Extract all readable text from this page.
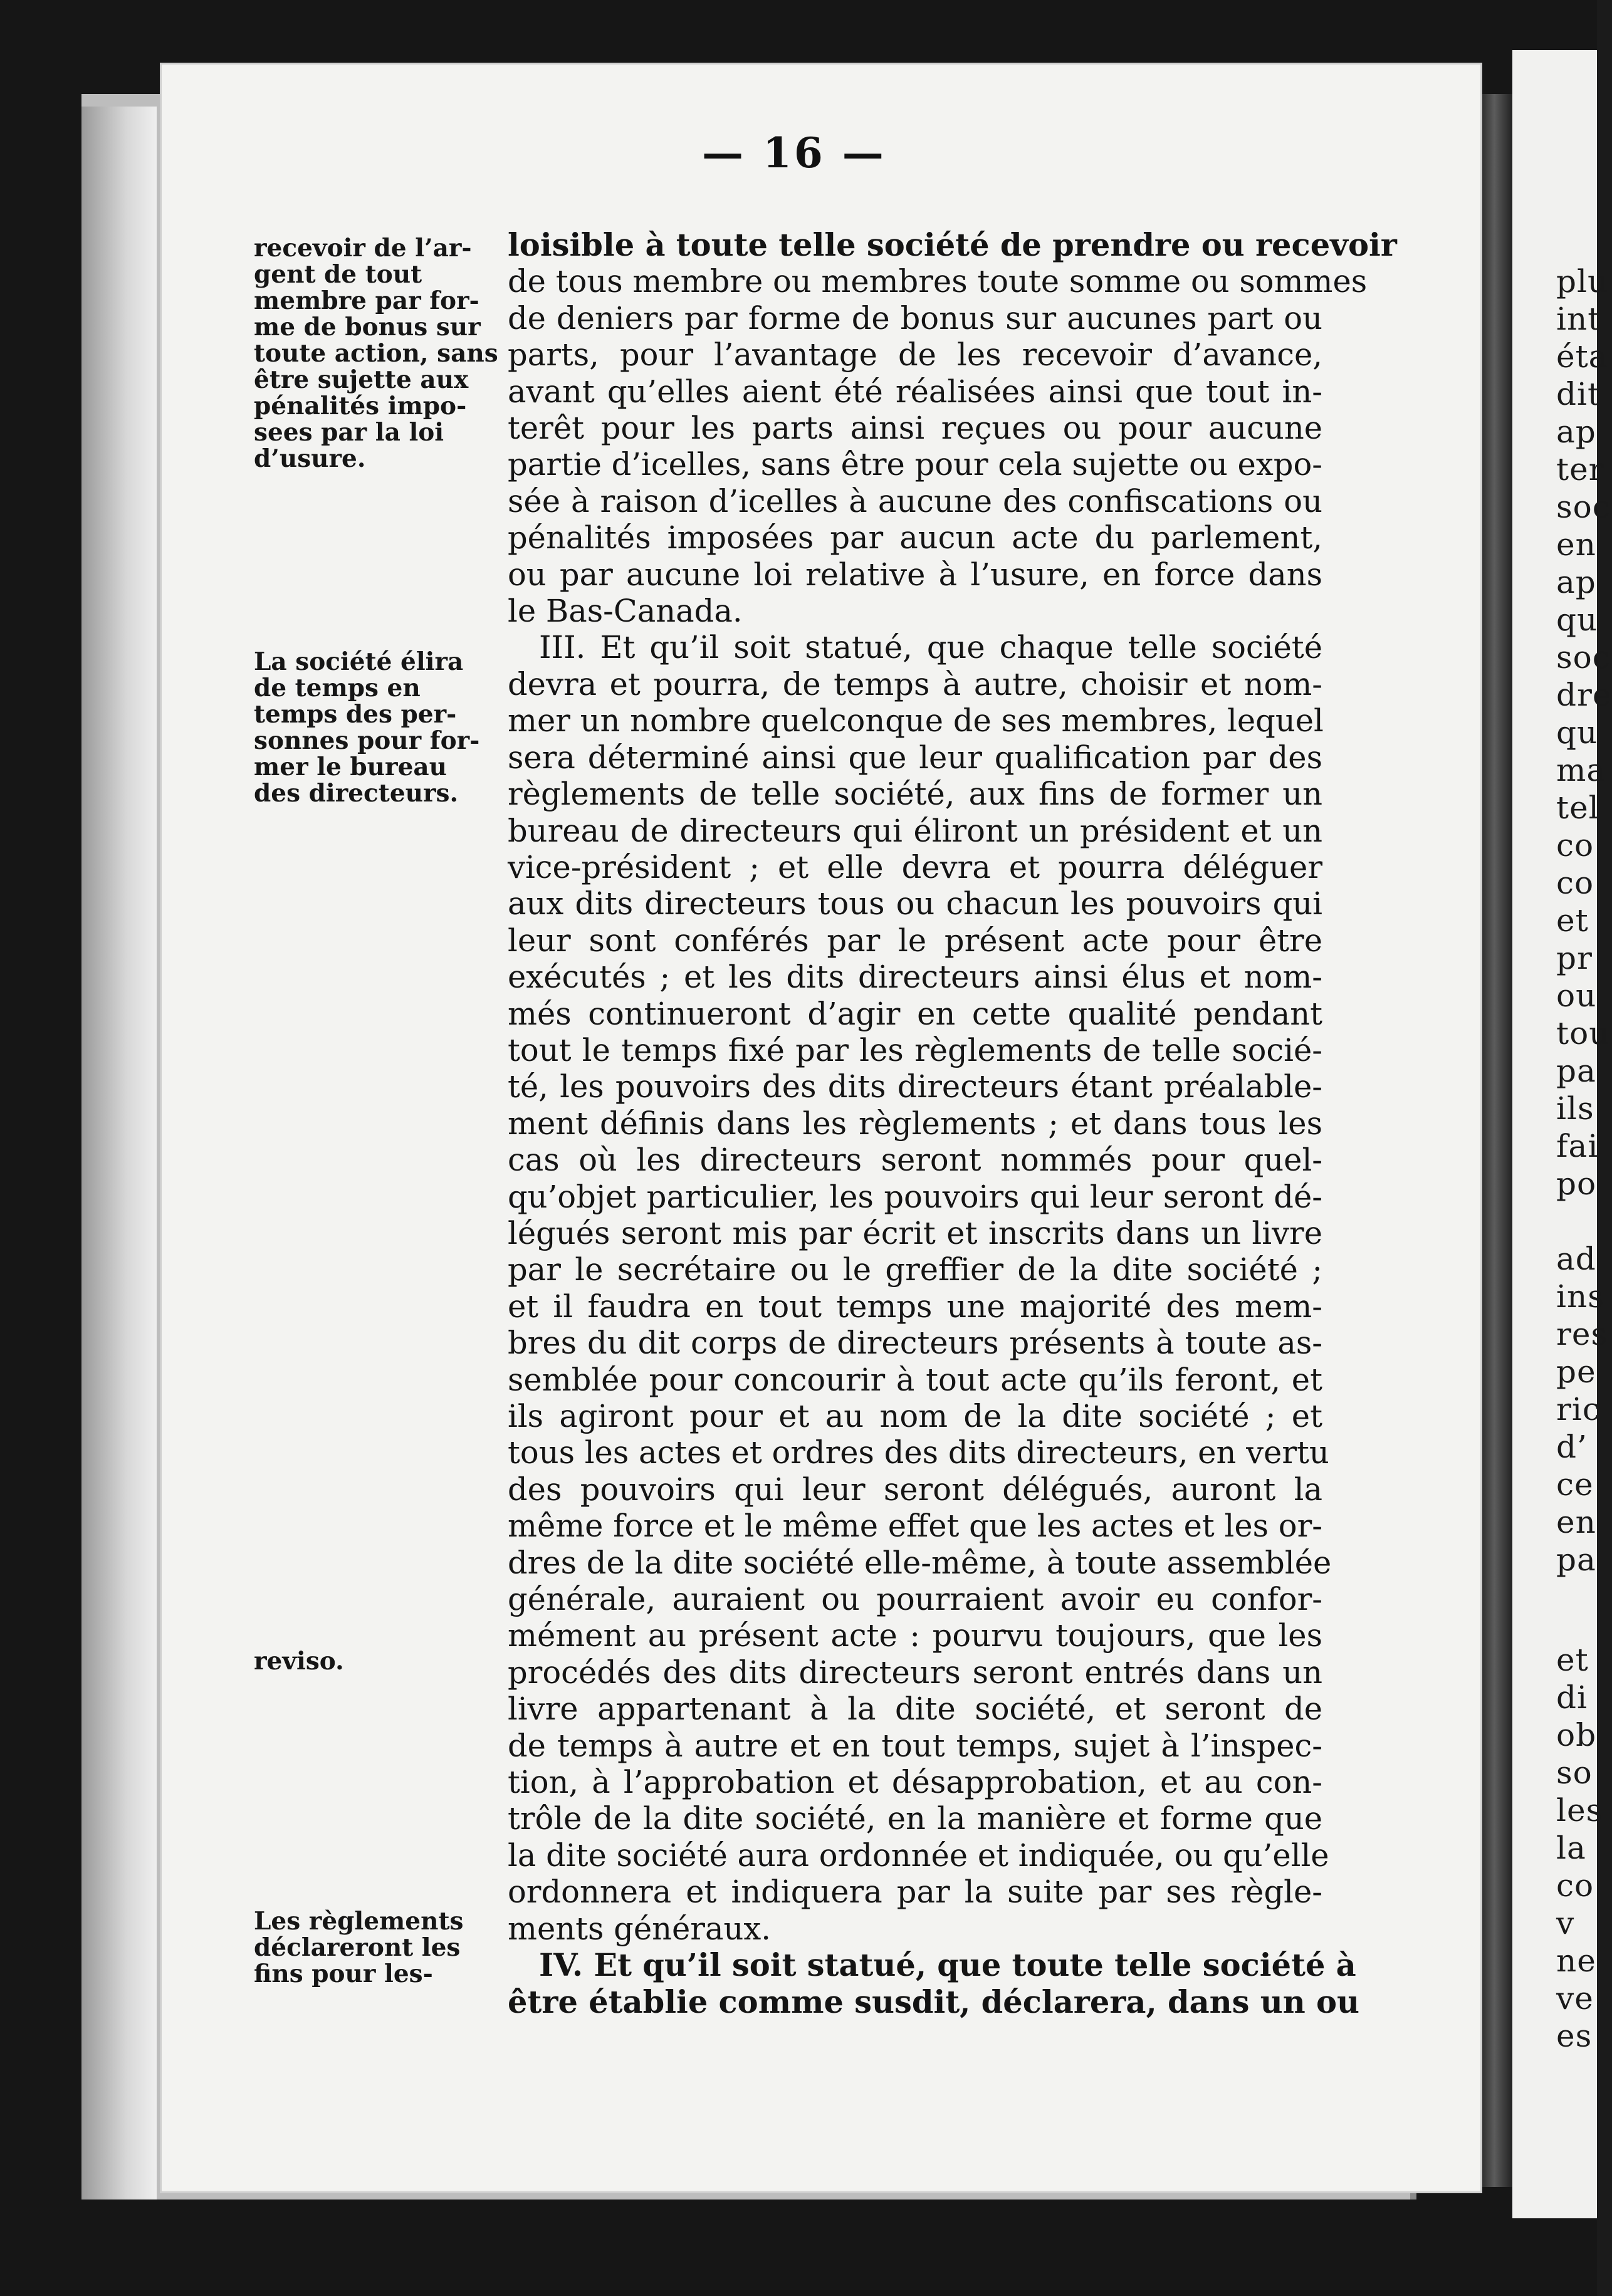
plu
int
éta
dit
ap
ter
soc
en
ap
qu
soc
dre
qu
ma
tel
co
co
et
pr
ou
tou
pa
ils
fai
po
ad
ins
res
pe
ric
d’
ce
en
pa
et
di
ob
so
les
la
co
v
ne
ve
es
— 16 —
recevoir de l’ar-
gent de tout
membre par for-
me de bonus sur
toute action, sans
être sujette aux
pénalités impo-
sees par la loi
d’usure.
La société élira
de temps en
temps des per-
sonnes pour for-
mer le bureau
des directeurs.
reviso.
Les règlements
déclareront les
fins pour les-
loisible à toute telle société de prendre ou recevoir
de tous membre ou membres toute somme ou sommes
de deniers par forme de bonus sur aucunes part ou
parts, pour l’avantage de les recevoir d’avance,
avant qu’elles aient été réalisées ainsi que tout in-
terêt pour les parts ainsi reçues ou pour aucune
partie d’icelles, sans être pour cela sujette ou expo-
sée à raison d’icelles à aucune des confiscations ou
pénalités imposées par aucun acte du parlement,
ou par aucune loi relative à l’usure, en force dans
le Bas-Canada.
III. Et qu’il soit statué, que chaque telle société
devra et pourra, de temps à autre, choisir et nom-
mer un nombre quelconque de ses membres, lequel
sera déterminé ainsi que leur qualification par des
règlements de telle société, aux fins de former un
bureau de directeurs qui éliront un président et un
vice-président ; et elle devra et pourra déléguer
aux dits directeurs tous ou chacun les pouvoirs qui
leur sont conférés par le présent acte pour être
exécutés ; et les dits directeurs ainsi élus et nom-
més continueront d’agir en cette qualité pendant
tout le temps fixé par les règlements de telle socié-
té, les pouvoirs des dits directeurs étant préalable-
ment définis dans les règlements ; et dans tous les
cas où les directeurs seront nommés pour quel-
qu’objet particulier, les pouvoirs qui leur seront dé-
légués seront mis par écrit et inscrits dans un livre
par le secrétaire ou le greffier de la dite société ;
et il faudra en tout temps une majorité des mem-
bres du dit corps de directeurs présents à toute as-
semblée pour concourir à tout acte qu’ils feront, et
ils agiront pour et au nom de la dite société ; et
tous les actes et ordres des dits directeurs, en vertu
des pouvoirs qui leur seront délégués, auront la
même force et le même effet que les actes et les or-
dres de la dite société elle-même, à toute assemblée
générale, auraient ou pourraient avoir eu confor-
mément au présent acte : pourvu toujours, que les
procédés des dits directeurs seront entrés dans un
livre appartenant à la dite société, et seront de
de temps à autre et en tout temps, sujet à l’inspec-
tion, à l’approbation et désapprobation, et au con-
trôle de la dite société, en la manière et forme que
la dite société aura ordonnée et indiquée, ou qu’elle
ordonnera et indiquera par la suite par ses règle-
ments généraux.
IV. Et qu’il soit statué, que toute telle société à
être établie comme susdit, déclarera, dans un ou
